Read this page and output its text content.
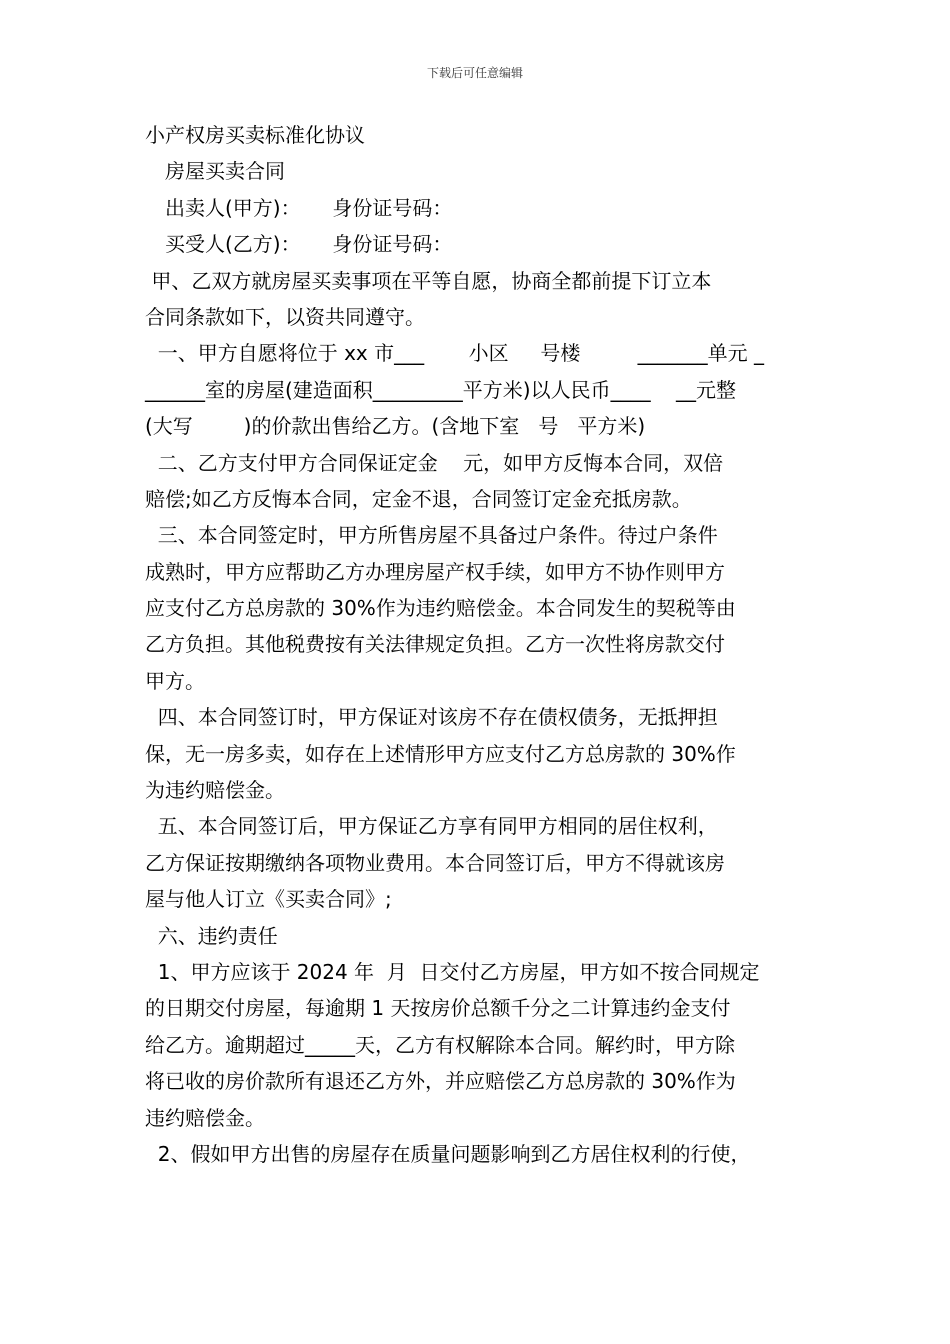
下载后可任意编辑
小产权房买卖标准化协议
房屋买卖合同
出卖人(甲方)：     身份证号码：
买受人(乙方)：     身份证号码：
甲、乙双方就房屋买卖事项在平等自愿，协商全都前提下订立本
合同条款如下，以资共同遵守。
一、甲方自愿将位于 xx 市___       小区     号楼         _______单元 _
______室的房屋(建造面积_________平方米)以人民币____    __元整
(大写        )的价款出售给乙方。(含地下室   号   平方米)
二、乙方支付甲方合同保证定金    元，如甲方反悔本合同，双倍
赔偿;如乙方反悔本合同，定金不退，合同签订定金充抵房款。
三、本合同签定时，甲方所售房屋不具备过户条件。待过户条件
成熟时，甲方应帮助乙方办理房屋产权手续，如甲方不协作则甲方
应支付乙方总房款的 30%作为违约赔偿金。本合同发生的契税等由
乙方负担。其他税费按有关法律规定负担。乙方一次性将房款交付
甲方。
四、本合同签订时，甲方保证对该房不存在债权债务，无抵押担
保，无一房多卖，如存在上述情形甲方应支付乙方总房款的 30%作
为违约赔偿金。
五、本合同签订后，甲方保证乙方享有同甲方相同的居住权利，
乙方保证按期缴纳各项物业费用。本合同签订后，甲方不得就该房
屋与他人订立《买卖合同》;
六、违约责任
1、甲方应该于 2024 年  月  日交付乙方房屋，甲方如不按合同规定
的日期交付房屋，每逾期 1 天按房价总额千分之二计算违约金支付
给乙方。逾期超过_____天，乙方有权解除本合同。解约时，甲方除
将已收的房价款所有退还乙方外，并应赔偿乙方总房款的 30%作为
违约赔偿金。
2、假如甲方出售的房屋存在质量问题影响到乙方居住权利的行使，
